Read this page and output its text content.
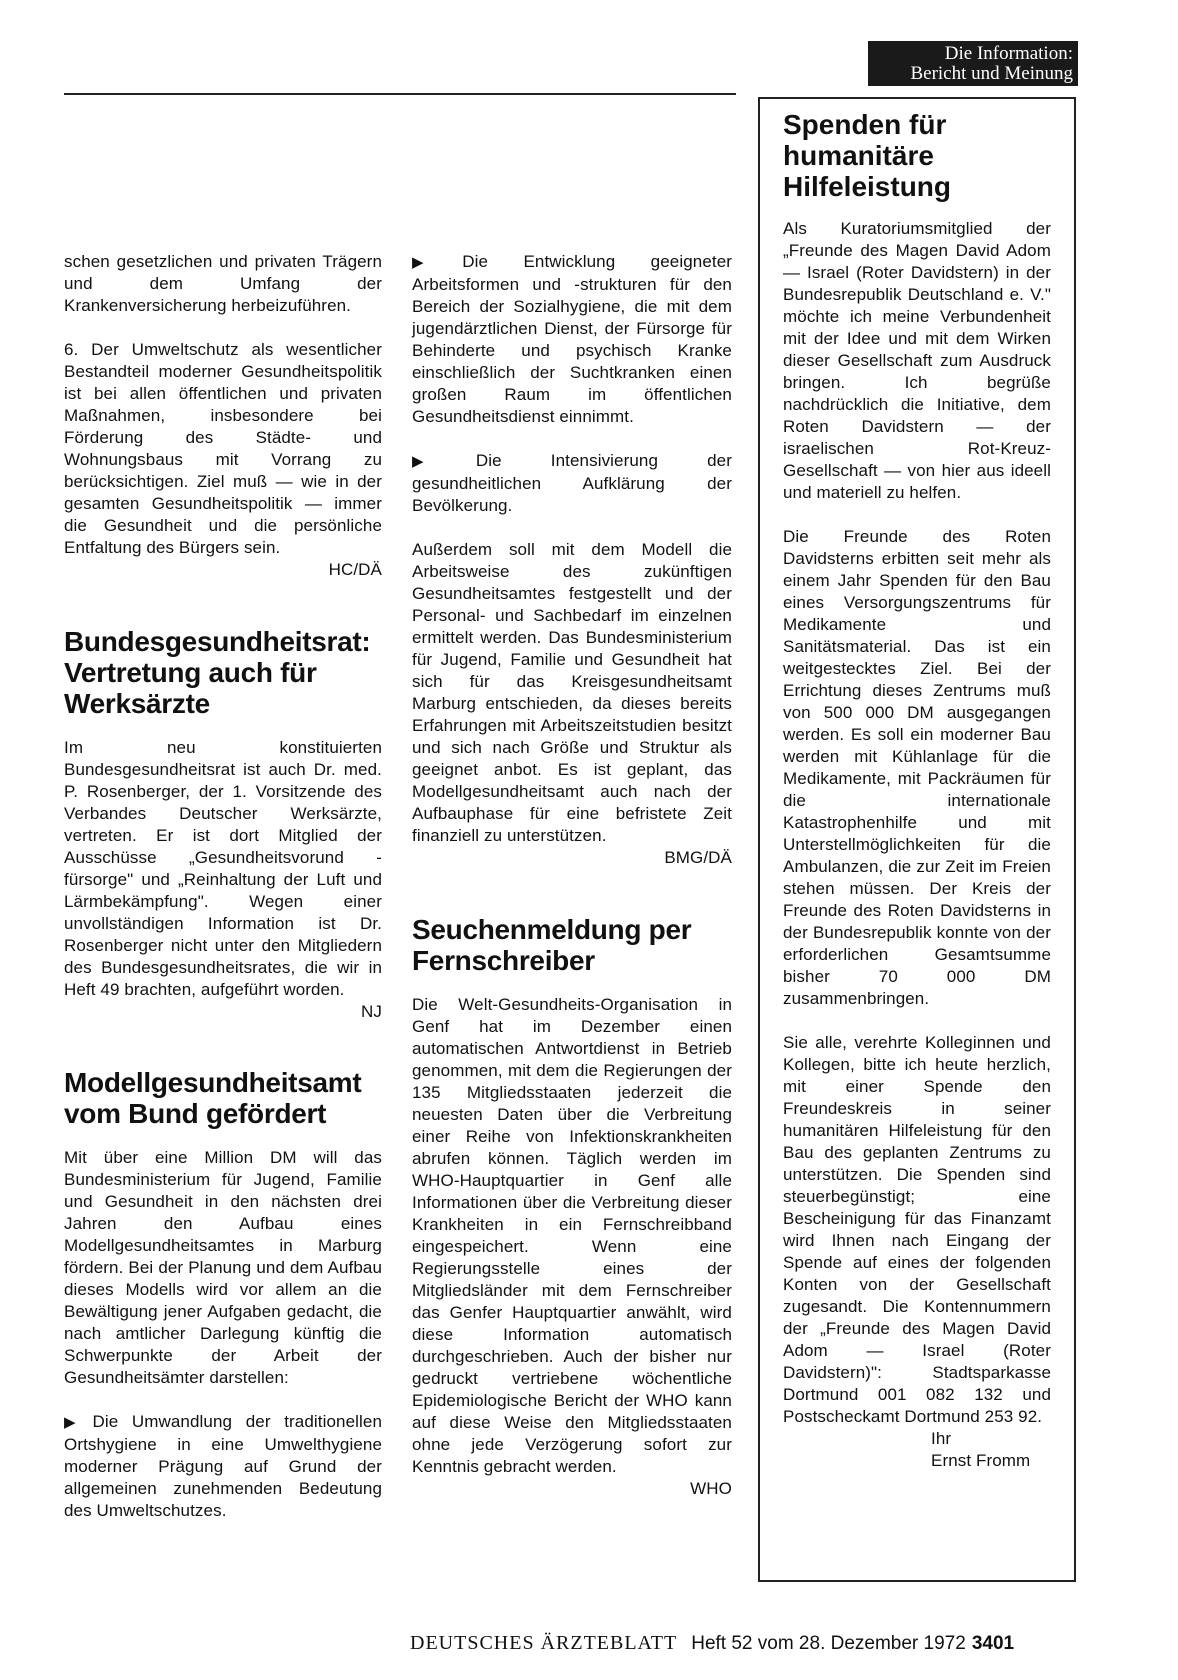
Die Information:
Bericht und Meinung

schen gesetzlichen und privaten Trägern und dem Umfang der Krankenversicherung herbeizuführen.

6. Der Umweltschutz als wesentlicher Bestandteil moderner Gesundheitspolitik ist bei allen öffentlichen und privaten Maßnahmen, insbesondere bei Förderung des Städte- und Wohnungsbaus mit Vorrang zu berücksichtigen. Ziel muß — wie in der gesamten Gesundheitspolitik — immer die Gesundheit und die persönliche Entfaltung des Bürgers sein.

HC/DÄ
Bundesgesundheitsrat: Vertretung auch für Werksärzte

Im neu konstituierten Bundesgesundheitsrat ist auch Dr. med. P. Rosenberger, der 1. Vorsitzende des Verbandes Deutscher Werksärzte, vertreten. Er ist dort Mitglied der Ausschüsse „Gesundheitsvorund -fürsorge" und „Reinhaltung der Luft und Lärmbekämpfung". Wegen einer unvollständigen Information ist Dr. Rosenberger nicht unter den Mitgliedern des Bundesgesundheitsrates, die wir in Heft 49 brachten, aufgeführt worden.

NJ
Modellgesundheitsamt vom Bund gefördert

Mit über eine Million DM will das Bundesministerium für Jugend, Familie und Gesundheit in den nächsten drei Jahren den Aufbau eines Modellgesundheitsamtes in Marburg fördern. Bei der Planung und dem Aufbau dieses Modells wird vor allem an die Bewältigung jener Aufgaben gedacht, die nach amtlicher Darlegung künftig die Schwerpunkte der Arbeit der Gesundheitsämter darstellen:

▶ Die Umwandlung der traditionellen Ortshygiene in eine Umwelthygiene moderner Prägung auf Grund der allgemeinen zunehmenden Bedeutung des Umweltschutzes.

▶ Die Entwicklung geeigneter Arbeitsformen und -strukturen für den Bereich der Sozialhygiene, die mit dem jugendärztlichen Dienst, der Fürsorge für Behinderte und psychisch Kranke einschließlich der Suchtkranken einen großen Raum im öffentlichen Gesundheitsdienst einnimmt.

▶ Die Intensivierung der gesundheitlichen Aufklärung der Bevölkerung.

Außerdem soll mit dem Modell die Arbeitsweise des zukünftigen Gesundheitsamtes festgestellt und der Personal- und Sachbedarf im einzelnen ermittelt werden. Das Bundesministerium für Jugend, Familie und Gesundheit hat sich für das Kreisgesundheitsamt Marburg entschieden, da dieses bereits Erfahrungen mit Arbeitszeitstudien besitzt und sich nach Größe und Struktur als geeignet anbot. Es ist geplant, das Modellgesundheitsamt auch nach der Aufbauphase für eine befristete Zeit finanziell zu unterstützen.

BMG/DÄ
Seuchenmeldung per Fernschreiber

Die Welt-Gesundheits-Organisation in Genf hat im Dezember einen automatischen Antwortdienst in Betrieb genommen, mit dem die Regierungen der 135 Mitgliedsstaaten jederzeit die neuesten Daten über die Verbreitung einer Reihe von Infektionskrankheiten abrufen können. Täglich werden im WHO-Hauptquartier in Genf alle Informationen über die Verbreitung dieser Krankheiten in ein Fernschreibband eingespeichert. Wenn eine Regierungsstelle eines der Mitgliedsländer mit dem Fernschreiber das Genfer Hauptquartier anwählt, wird diese Information automatisch durchgeschrieben. Auch der bisher nur gedruckt vertriebene wöchentliche Epidemiologische Bericht der WHO kann auf diese Weise den Mitgliedsstaaten ohne jede Verzögerung sofort zur Kenntnis gebracht werden.

WHO
Spenden für humanitäre Hilfeleistung

Als Kuratoriumsmitglied der „Freunde des Magen David Adom — Israel (Roter Davidstern) in der Bundesrepublik Deutschland e. V." möchte ich meine Verbundenheit mit der Idee und mit dem Wirken dieser Gesellschaft zum Ausdruck bringen. Ich begrüße nachdrücklich die Initiative, dem Roten Davidstern — der israelischen Rot-Kreuz-Gesellschaft — von hier aus ideell und materiell zu helfen.

Die Freunde des Roten Davidsterns erbitten seit mehr als einem Jahr Spenden für den Bau eines Versorgungszentrums für Medikamente und Sanitätsmaterial. Das ist ein weitgestecktes Ziel. Bei der Errichtung dieses Zentrums muß von 500 000 DM ausgegangen werden. Es soll ein moderner Bau werden mit Kühlanlage für die Medikamente, mit Packräumen für die internationale Katastrophenhilfe und mit Unterstellmöglichkeiten für die Ambulanzen, die zur Zeit im Freien stehen müssen. Der Kreis der Freunde des Roten Davidsterns in der Bundesrepublik konnte von der erforderlichen Gesamtsumme bisher 70 000 DM zusammenbringen.

Sie alle, verehrte Kolleginnen und Kollegen, bitte ich heute herzlich, mit einer Spende den Freundeskreis in seiner humanitären Hilfeleistung für den Bau des geplanten Zentrums zu unterstützen. Die Spenden sind steuerbegünstigt; eine Bescheinigung für das Finanzamt wird Ihnen nach Eingang der Spende auf eines der folgenden Konten von der Gesellschaft zugesandt. Die Kontennummern der „Freunde des Magen David Adom — Israel (Roter Davidstern)": Stadtsparkasse Dortmund 001 082 132 und Postscheckamt Dortmund 253 92.

Ihr
Ernst Fromm
DEUTSCHES ÄRZTEBLATT Heft 52 vom 28. Dezember 1972 3401
